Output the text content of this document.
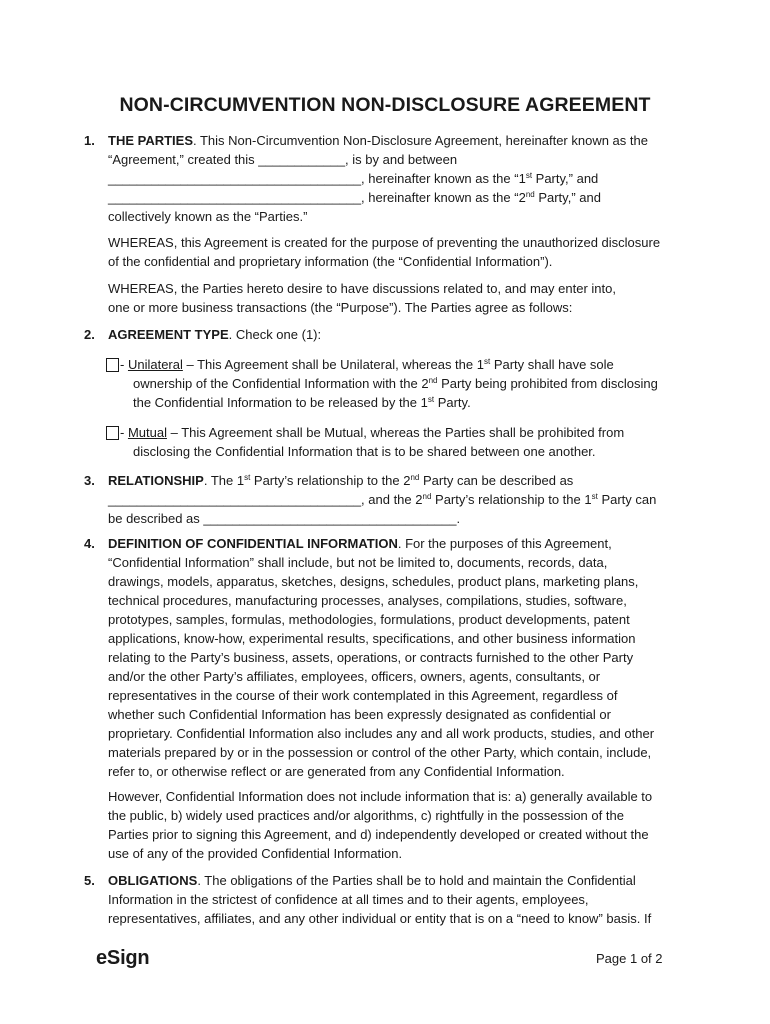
NON-CIRCUMVENTION NON-DISCLOSURE AGREEMENT
1. THE PARTIES. This Non-Circumvention Non-Disclosure Agreement, hereinafter known as the

“Agreement,” created this ____________, is by and between

___________________________________, hereinafter known as the “1st Party,” and

___________________________________, hereinafter known as the “2nd Party,” and

collectively known as the “Parties.”

WHEREAS, this Agreement is created for the purpose of preventing the unauthorized disclosure

of the confidential and proprietary information (the “Confidential Information”).

WHEREAS, the Parties hereto desire to have discussions related to, and may enter into,

one or more business transactions (the “Purpose”). The Parties agree as follows:

2. AGREEMENT TYPE. Check one (1):

- Unilateral – This Agreement shall be Unilateral, whereas the 1st Party shall have sole

ownership of the Confidential Information with the 2nd Party being prohibited from disclosing

the Confidential Information to be released by the 1st Party.

- Mutual – This Agreement shall be Mutual, whereas the Parties shall be prohibited from

disclosing the Confidential Information that is to be shared between one another.

3. RELATIONSHIP. The 1st Party’s relationship to the 2nd Party can be described as

___________________________________, and the 2nd Party’s relationship to the 1st Party can

be described as ___________________________________.

4. DEFINITION OF CONFIDENTIAL INFORMATION. For the purposes of this Agreement,

“Confidential Information” shall include, but not be limited to, documents, records, data,

drawings, models, apparatus, sketches, designs, schedules, product plans, marketing plans,

technical procedures, manufacturing processes, analyses, compilations, studies, software,

prototypes, samples, formulas, methodologies, formulations, product developments, patent

applications, know-how, experimental results, specifications, and other business information

relating to the Party’s business, assets, operations, or contracts furnished to the other Party

and/or the other Party’s affiliates, employees, officers, owners, agents, consultants, or

representatives in the course of their work contemplated in this Agreement, regardless of

whether such Confidential Information has been expressly designated as confidential or

proprietary. Confidential Information also includes any and all work products, studies, and other

materials prepared by or in the possession or control of the other Party, which contain, include,

refer to, or otherwise reflect or are generated from any Confidential Information.

However, Confidential Information does not include information that is: a) generally available to

the public, b) widely used practices and/or algorithms, c) rightfully in the possession of the

Parties prior to signing this Agreement, and d) independently developed or created without the

use of any of the provided Confidential Information.

5. OBLIGATIONS. The obligations of the Parties shall be to hold and maintain the Confidential

Information in the strictest of confidence at all times and to their agents, employees,

representatives, affiliates, and any other individual or entity that is on a “need to know” basis. If

eSign	Page 1 of 2
